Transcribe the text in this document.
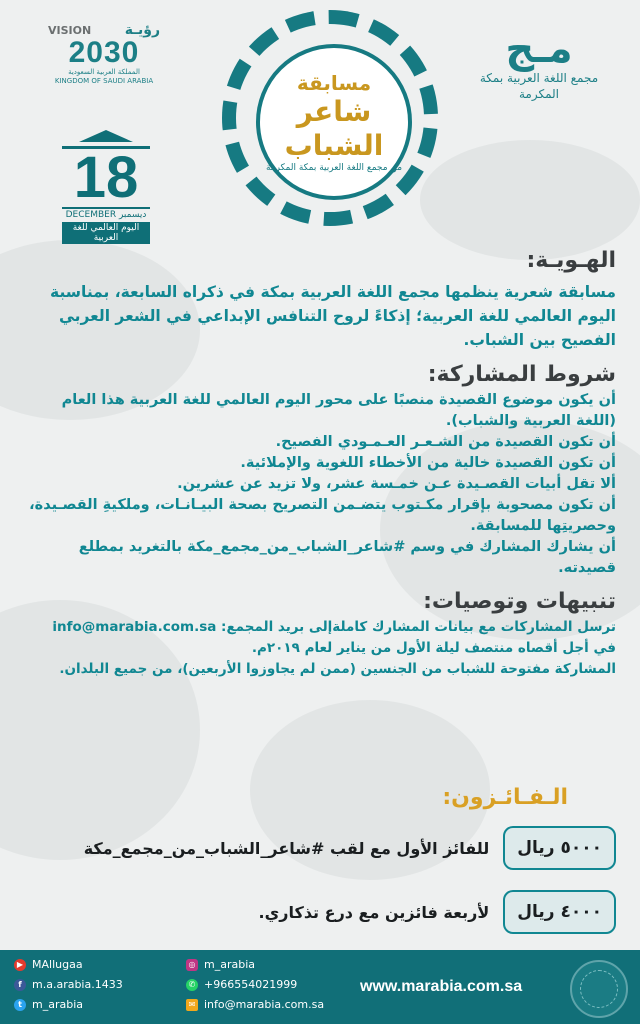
VISION رؤيـة
2030
المملكة العربية السعودية
KINGDOM OF SAUDI ARABIA
18
DECEMBER ديسمبر
اليوم العالمي للغة العربية
مسابقة
شاعر الشباب
من مجمع اللغة العربية بمكة المكرمة
مـج
مجمع اللغة العربية بمكة المكرمة
الهـويـة:
مسابقة شعرية ينظمها مجمع اللغة العربية بمكة في ذكراه السابعة، بمناسبة اليوم العالمي للغة العربية؛ إذكاءً لروح التنافس الإبداعي في الشعر العربي الفصيح بين الشباب.
شروط المشاركة:
أن يكون موضوع القصيدة منصبًا على محور اليوم العالمي للغة العربية هذا العام (اللغة العربية والشباب).
أن تكون القصيدة من الشـعـر العـمـودي الفصيح.
أن تكون القصيدة خالية من الأخطاء اللغوية والإملائية.
ألا تقل أبيات القصـيدة عـن خمـسة عشر، ولا تزيد عن عشرين.
أن تكون مصحوبة بإقرار مكـتوب يتضـمن التصريح بصحة البيـانـات، وملكيةِ القصـيدة، وحصريتِها للمسابقة.
أن يشارك المشارك في وسم #شاعر_الشباب_من_مجمع_مكة بالتغريد بمطلع قصيدته.
تنبيهات وتوصيات:
ترسل المشاركات مع بيانات المشارك كاملةإلى بريد المجمع: info@marabia.com.sa
في أجل أقصاه منتصف ليلة الأول من يناير لعام ٢٠١٩م.
المشاركة مفتوحة للشباب من الجنسين (ممن لم يجاوزوا الأربعين)، من جميع البلدان.
الـفـائـزون:
٥٠٠٠ ريال
للفائز الأول مع لقب #شاعر_الشباب_من_مجمع_مكة
٤٠٠٠ ريال
لأربعة فائزين مع درع تذكاري.
▶ MAllugaa
f m.a.arabia.1433
t m_arabia
◎ m_arabia
✆ +966554021999
✉ info@marabia.com.sa
www.marabia.com.sa
